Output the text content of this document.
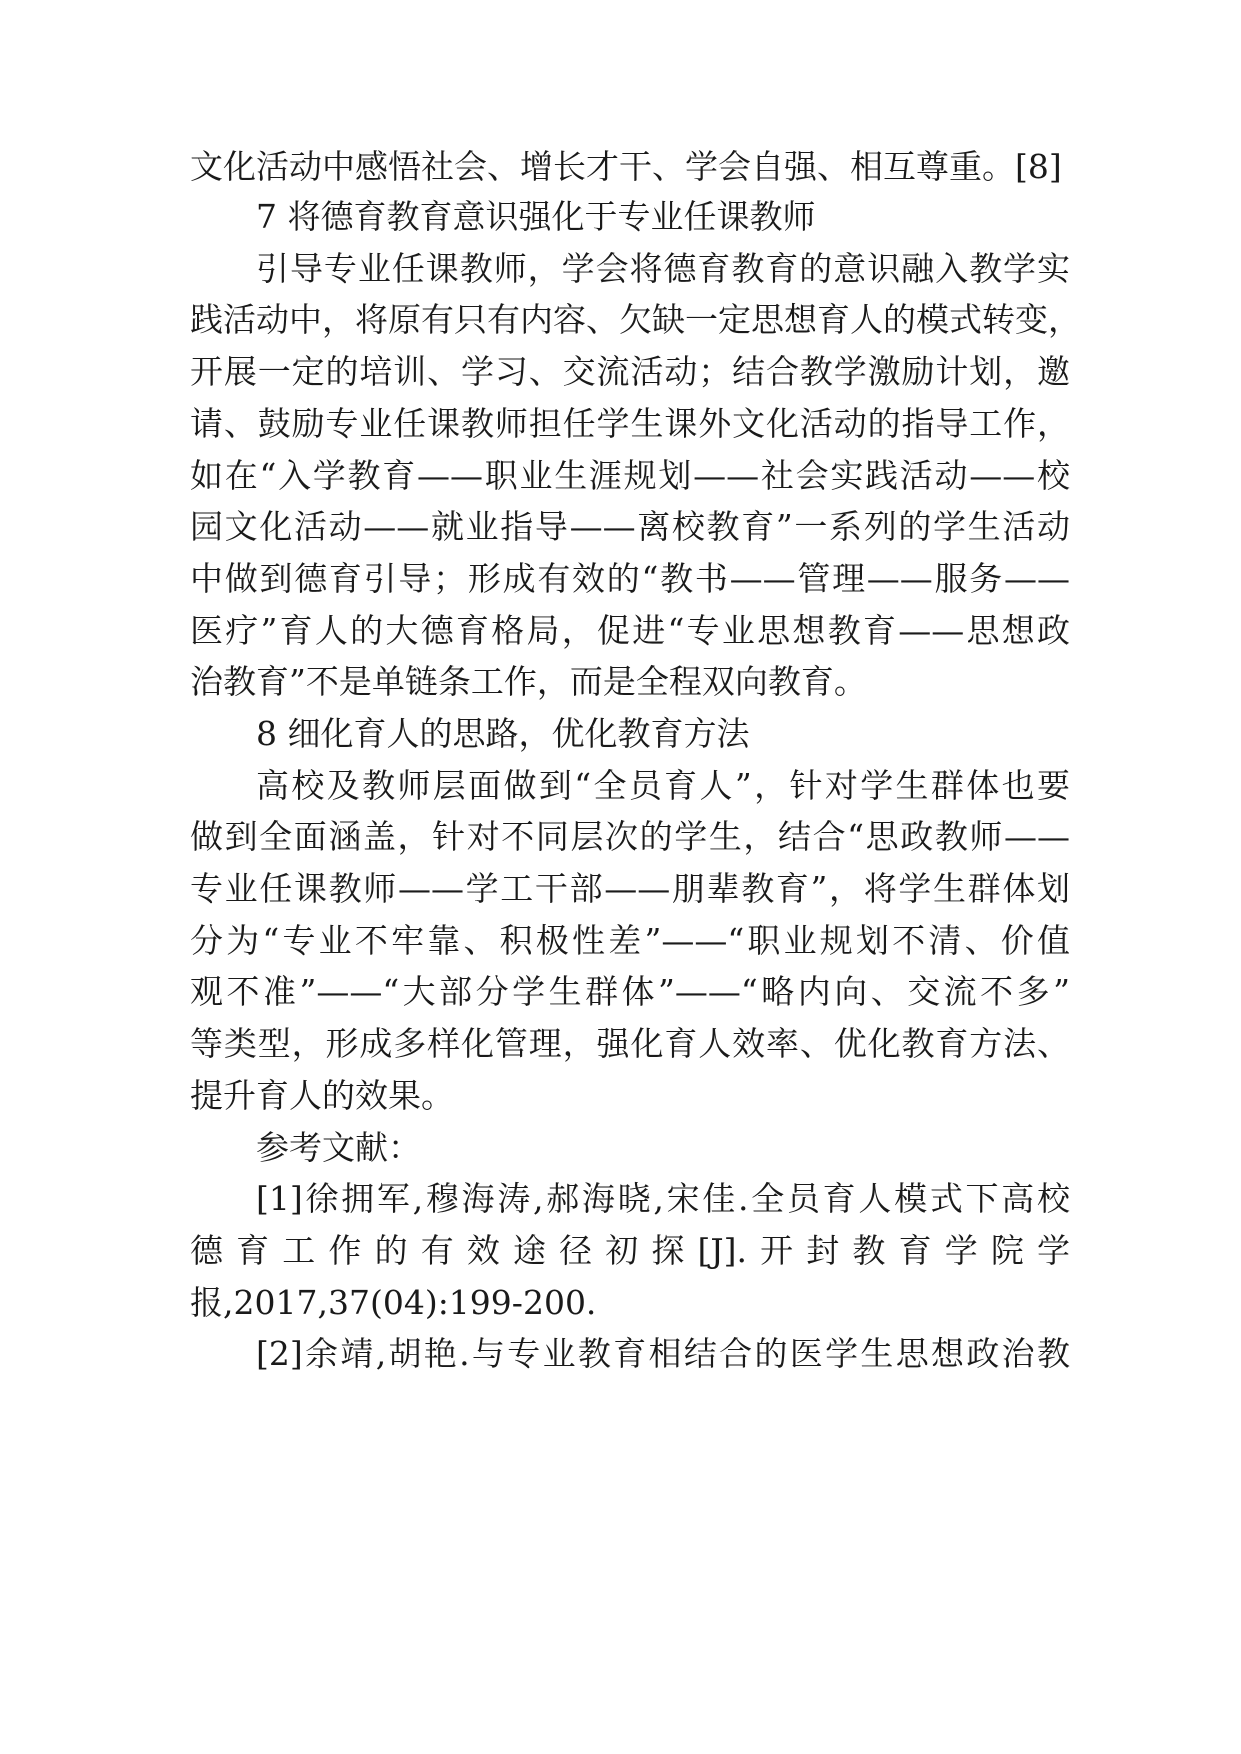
文化活动中感悟社会、增长才干、学会自强、相互尊重。[8]

7 将德育教育意识强化于专业任课教师

引导专业任课教师，学会将德育教育的意识融入教学实

践活动中，将原有只有内容、欠缺一定思想育人的模式转变，

开展一定的培训、学习、交流活动；结合教学激励计划，邀

请、鼓励专业任课教师担任学生课外文化活动的指导工作，

如在“入学教育——职业生涯规划——社会实践活动——校

园文化活动——就业指导——离校教育”一系列的学生活动

中做到德育引导；形成有效的“教书——管理——服务——

医疗”育人的大德育格局，促进“专业思想教育——思想政

治教育”不是单链条工作，而是全程双向教育。

8 细化育人的思路，优化教育方法

高校及教师层面做到“全员育人”，针对学生群体也要

做到全面涵盖，针对不同层次的学生，结合“思政教师——

专业任课教师——学工干部——朋辈教育”，将学生群体划

分为“专业不牢靠、积极性差”——“职业规划不清、价值

观不准”——“大部分学生群体”——“略内向、交流不多”

等类型，形成多样化管理，强化育人效率、优化教育方法、

提升育人的效果。

参考文献：

[1]徐拥军,穆海涛,郝海晓,宋佳.全员育人模式下高校

德育工作的有效途径初探[J].开封教育学院学

报,2017,37(04):199-200.

[2]余靖,胡艳.与专业教育相结合的医学生思想政治教
